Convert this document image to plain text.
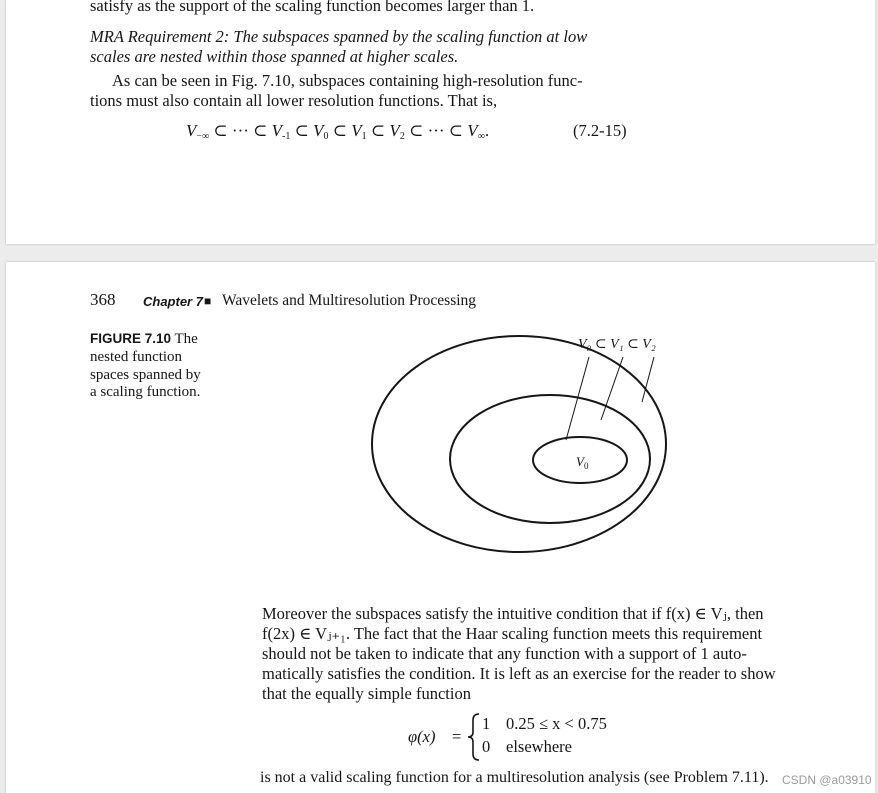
satisfy as the support of the scaling function becomes larger than 1.
MRA Requirement 2: The subspaces spanned by the scaling function at low
scales are nested within those spanned at higher scales.
As can be seen in Fig. 7.10, subspaces containing high-resolution func-
tions must also contain all lower resolution functions. That is,
$V_{-\infty}$ ⊂ ··· ⊂ $V_{-1}$ ⊂ $V_0$ ⊂ $V_1$ ⊂ $V_2$ ⊂ ··· ⊂ $V_\infty$.	(7.2-15)
368 Chapter 7 ■ Wavelets and Multiresolution Processing
FIGURE 7.10 The
nested function
spaces spanned by
a scaling function.
V₀ ⊂ V₁ ⊂ V₂
$V_0$
Moreover the subspaces satisfy the intuitive condition that if f(x) ∈ Vⱼ, then
f(2x) ∈ Vⱼ₊₁. The fact that the Haar scaling function meets this requirement
should not be taken to indicate that any function with a support of 1 auto-
matically satisfies the condition. It is left as an exercise for the reader to show
that the equally simple function
φ(x) =
1 0.25 ≤ x < 0.75
0 elsewhere
is not a valid scaling function for a multiresolution analysis (see Problem 7.11). CSDN @a03910
